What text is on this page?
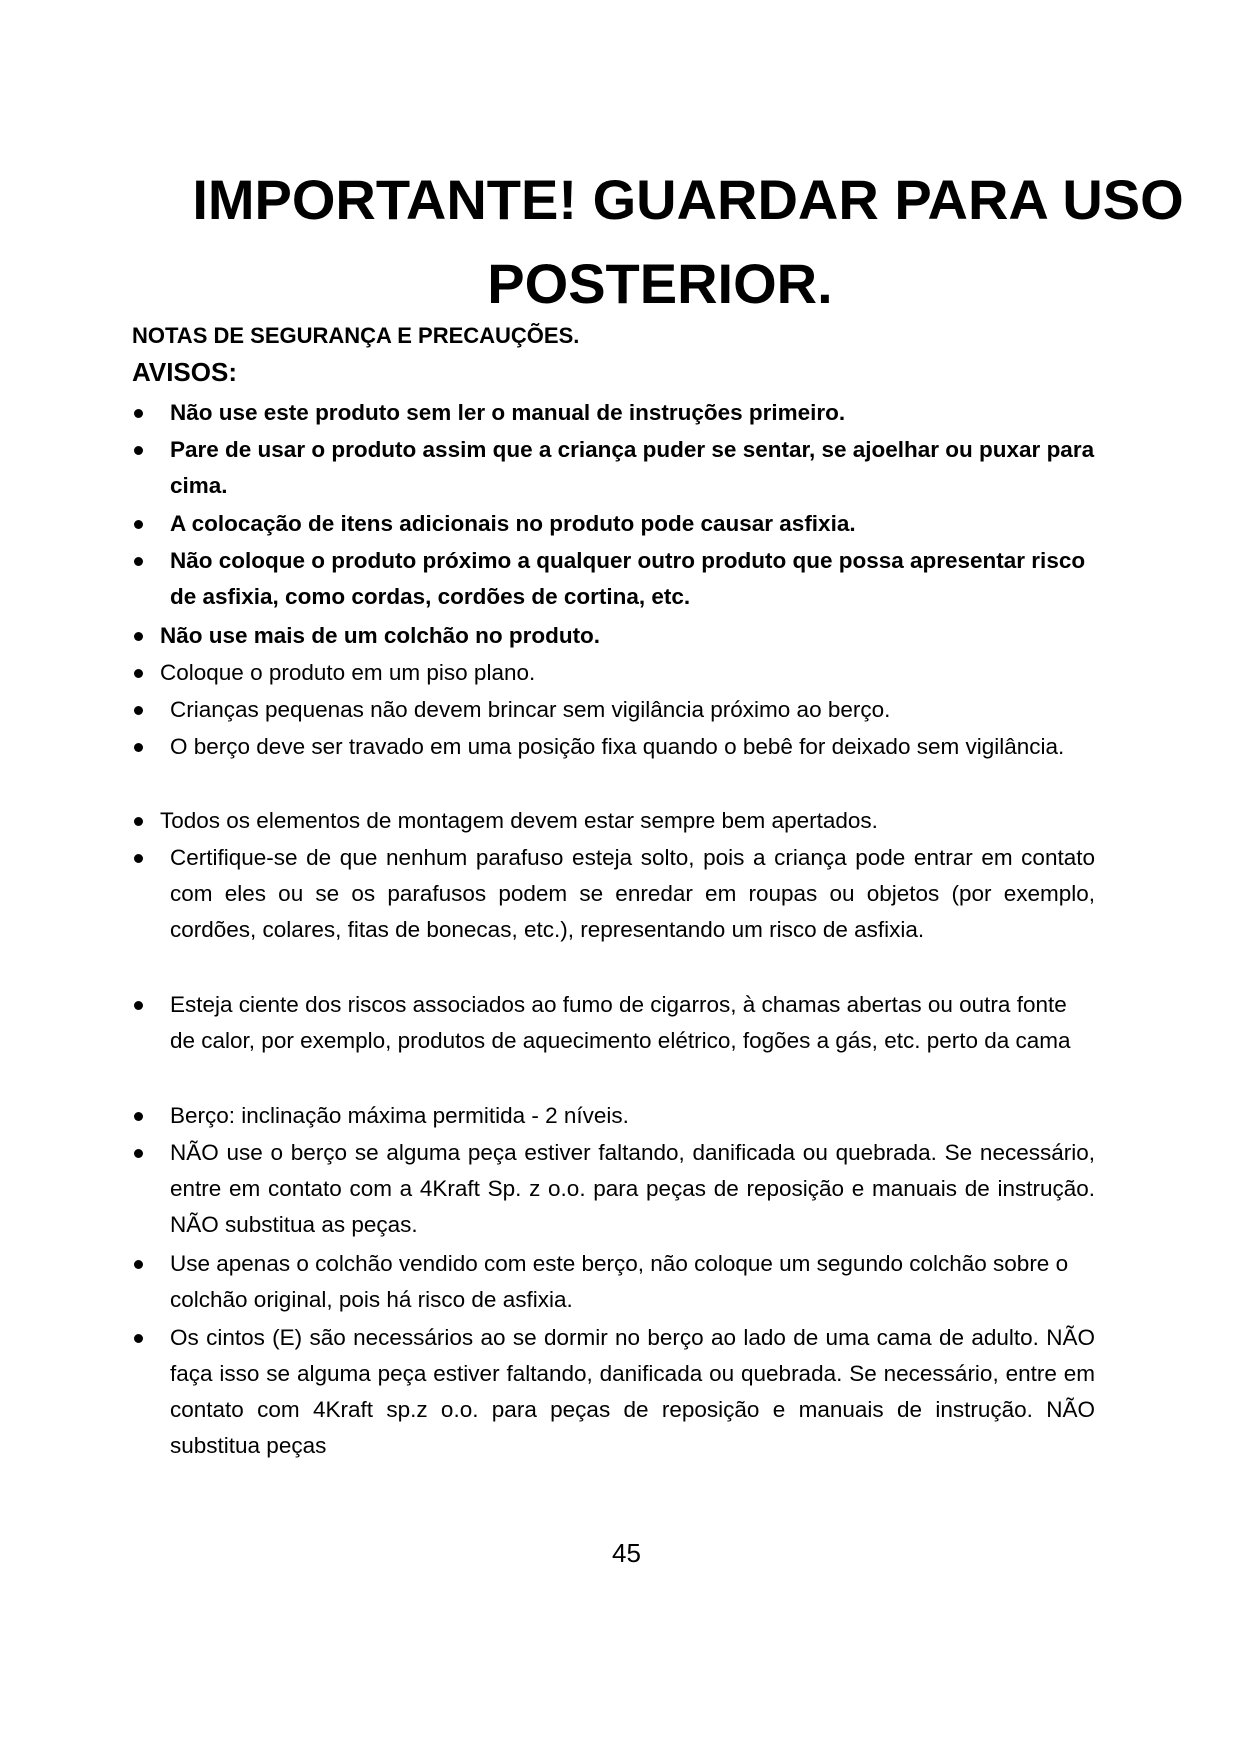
IMPORTANTE! GUARDAR PARA USO
POSTERIOR.

NOTAS DE SEGURANÇA E PRECAUÇÕES.

AVISOS:

Não use este produto sem ler o manual de instruções primeiro.
Pare de usar o produto assim que a criança puder se sentar, se ajoelhar ou puxar para cima.
A colocação de itens adicionais no produto pode causar asfixia.
Não coloque o produto próximo a qualquer outro produto que possa apresentar risco de asfixia, como cordas, cordões de cortina, etc.
Não use mais de um colchão no produto.
Coloque o produto em um piso plano.
Crianças pequenas não devem brincar sem vigilância próximo ao berço.
O berço deve ser travado em uma posição fixa quando o bebê for deixado sem vigilância.
Todos os elementos de montagem devem estar sempre bem apertados.
Certifique-se de que nenhum parafuso esteja solto, pois a criança pode entrar em contato com eles ou se os parafusos podem se enredar em roupas ou objetos (por exemplo, cordões, colares, fitas de bonecas, etc.), representando um risco de asfixia.
Esteja ciente dos riscos associados ao fumo de cigarros, à chamas abertas ou outra fonte de calor, por exemplo, produtos de aquecimento elétrico, fogões a gás, etc. perto da cama
Berço: inclinação máxima permitida - 2 níveis.
NÃO use o berço se alguma peça estiver faltando, danificada ou quebrada. Se necessário, entre em contato com a 4Kraft Sp. z o.o. para peças de reposição e manuais de instrução. NÃO substitua as peças.
Use apenas o colchão vendido com este berço, não coloque um segundo colchão sobre o colchão original, pois há risco de asfixia.
Os cintos (E) são necessários ao se dormir no berço ao lado de uma cama de adulto. NÃO faça isso se alguma peça estiver faltando, danificada ou quebrada. Se necessário, entre em contato com 4Kraft sp.z o.o. para peças de reposição e manuais de instrução. NÃO substitua peças

45
